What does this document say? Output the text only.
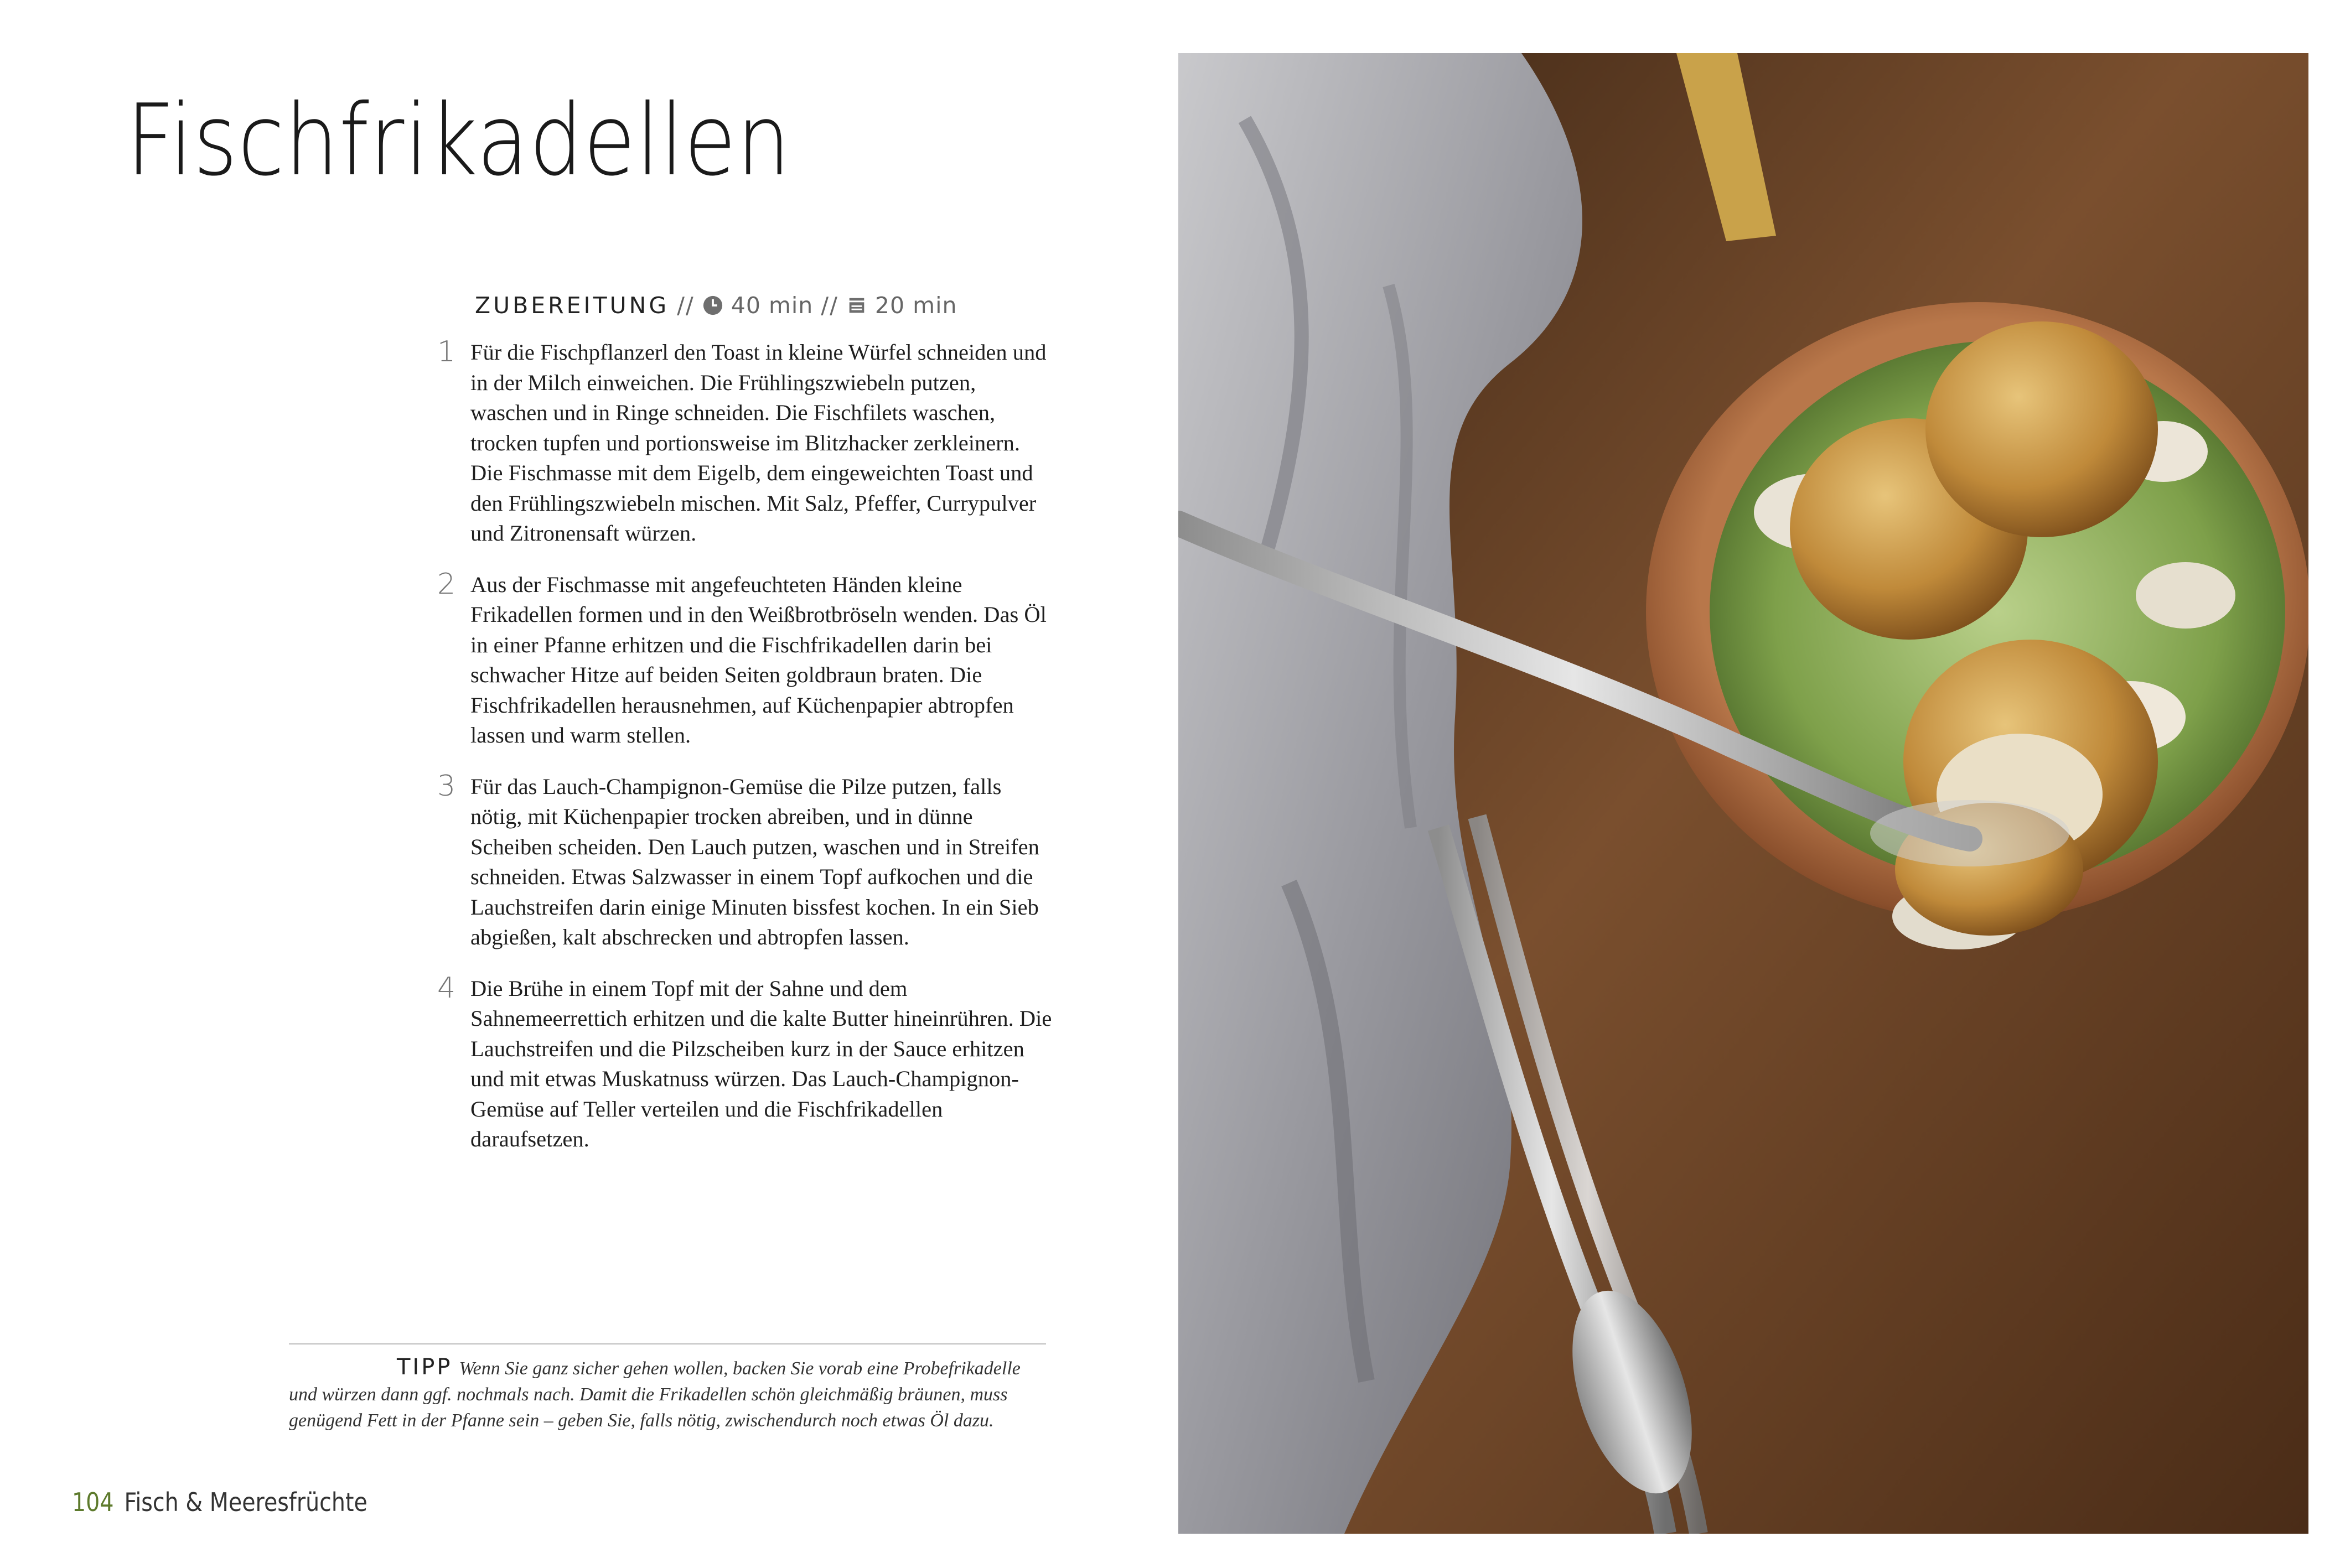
Fischfrikadellen
ZUBEREITUNG // 40 min // 20 min
1 Für die Fischpflanzerl den Toast in kleine Würfel schneiden und in der Milch einweichen. Die Frühlingszwiebeln putzen, waschen und in Ringe schneiden. Die Fischfilets waschen, trocken tupfen und portionsweise im Blitzhacker zerkleinern. Die Fischmasse mit dem Eigelb, dem eingeweichten Toast und den Frühlingszwiebeln mischen. Mit Salz, Pfeffer, Currypulver und Zitronensaft würzen.
2 Aus der Fischmasse mit angefeuchteten Händen kleine Frikadellen formen und in den Weißbrotbröseln wenden. Das Öl in einer Pfanne erhitzen und die Fischfrikadellen darin bei schwacher Hitze auf beiden Seiten goldbraun braten. Die Fischfrikadellen herausnehmen, auf Küchenpapier abtropfen lassen und warm stellen.
3 Für das Lauch-Champignon-Gemüse die Pilze putzen, falls nötig, mit Küchenpapier trocken abreiben, und in dünne Scheiben scheiden. Den Lauch putzen, waschen und in Streifen schneiden. Etwas Salzwasser in einem Topf aufkochen und die Lauchstreifen darin einige Minuten bissfest kochen. In ein Sieb abgießen, kalt abschrecken und abtropfen lassen.
4 Die Brühe in einem Topf mit der Sahne und dem Sahnemeerrettich erhitzen und die kalte Butter hineinrühren. Die Lauchstreifen und die Pilzscheiben kurz in der Sauce erhitzen und mit etwas Muskatnuss würzen. Das Lauch-Champignon-Gemüse auf Teller verteilen und die Fischfrikadellen daraufsetzen.
TIPP Wenn Sie ganz sicher gehen wollen, backen Sie vorab eine Probefrikadelle und würzen dann ggf. nochmals nach. Damit die Frikadellen schön gleichmäßig bräunen, muss genügend Fett in der Pfanne sein – geben Sie, falls nötig, zwischendurch noch etwas Öl dazu.
104 Fisch & Meeresfrüchte
